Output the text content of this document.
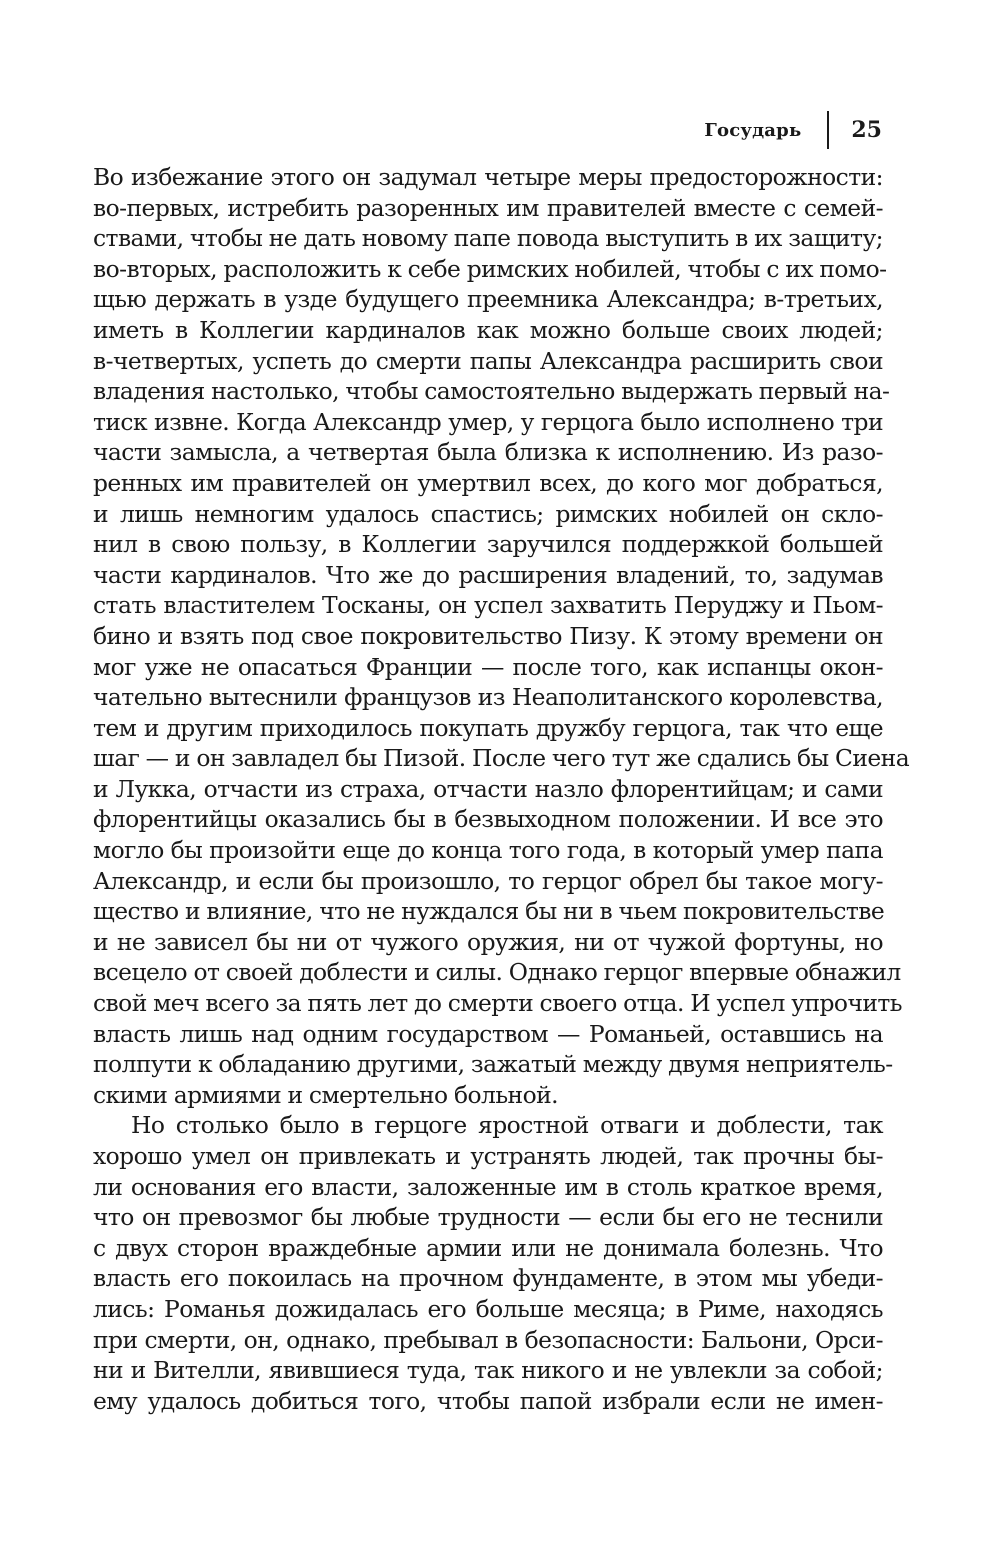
Государь 25
Во избежание этого он задумал четыре меры предосторожности:
во-первых, истребить разоренных им правителей вместе с семей-
ствами, чтобы не дать новому папе повода выступить в их защиту;
во-вторых, расположить к себе римских нобилей, чтобы с их помо-
щью держать в узде будущего преемника Александра; в-третьих,
иметь в Коллегии кардиналов как можно больше своих людей;
в-четвертых, успеть до смерти папы Александра расширить свои
владения настолько, чтобы самостоятельно выдержать первый на-
тиск извне. Когда Александр умер, у герцога было исполнено три
части замысла, а четвертая была близка к исполнению. Из разо-
ренных им правителей он умертвил всех, до кого мог добраться,
и лишь немногим удалось спастись; римских нобилей он скло-
нил в свою пользу, в Коллегии заручился поддержкой большей
части кардиналов. Что же до расширения владений, то, задумав
стать властителем Тосканы, он успел захватить Перуджу и Пьом-
бино и взять под свое покровительство Пизу. К этому времени он
мог уже не опасаться Франции — после того, как испанцы окон-
чательно вытеснили французов из Неаполитанского королевства,
тем и другим приходилось покупать дружбу герцога, так что еще
шаг — и он завладел бы Пизой. После чего тут же сдались бы Сиена
и Лукка, отчасти из страха, отчасти назло флорентийцам; и сами
флорентийцы оказались бы в безвыходном положении. И все это
могло бы произойти еще до конца того года, в который умер папа
Александр, и если бы произошло, то герцог обрел бы такое могу-
щество и влияние, что не нуждался бы ни в чьем покровительстве
и не зависел бы ни от чужого оружия, ни от чужой фортуны, но
всецело от своей доблести и силы. Однако герцог впервые обнажил
свой меч всего за пять лет до смерти своего отца. И успел упрочить
власть лишь над одним государством — Романьей, оставшись на
полпути к обладанию другими, зажатый между двумя неприятель-
скими армиями и смертельно больной.
Но столько было в герцоге яростной отваги и доблести, так
хорошо умел он привлекать и устранять людей, так прочны бы-
ли основания его власти, заложенные им в столь краткое время,
что он превозмог бы любые трудности — если бы его не теснили
с двух сторон враждебные армии или не донимала болезнь. Что
власть его покоилась на прочном фундаменте, в этом мы убеди-
лись: Романья дожидалась его больше месяца; в Риме, находясь
при смерти, он, однако, пребывал в безопасности: Бальони, Орси-
ни и Вителли, явившиеся туда, так никого и не увлекли за собой;
ему удалось добиться того, чтобы папой избрали если не имен-
